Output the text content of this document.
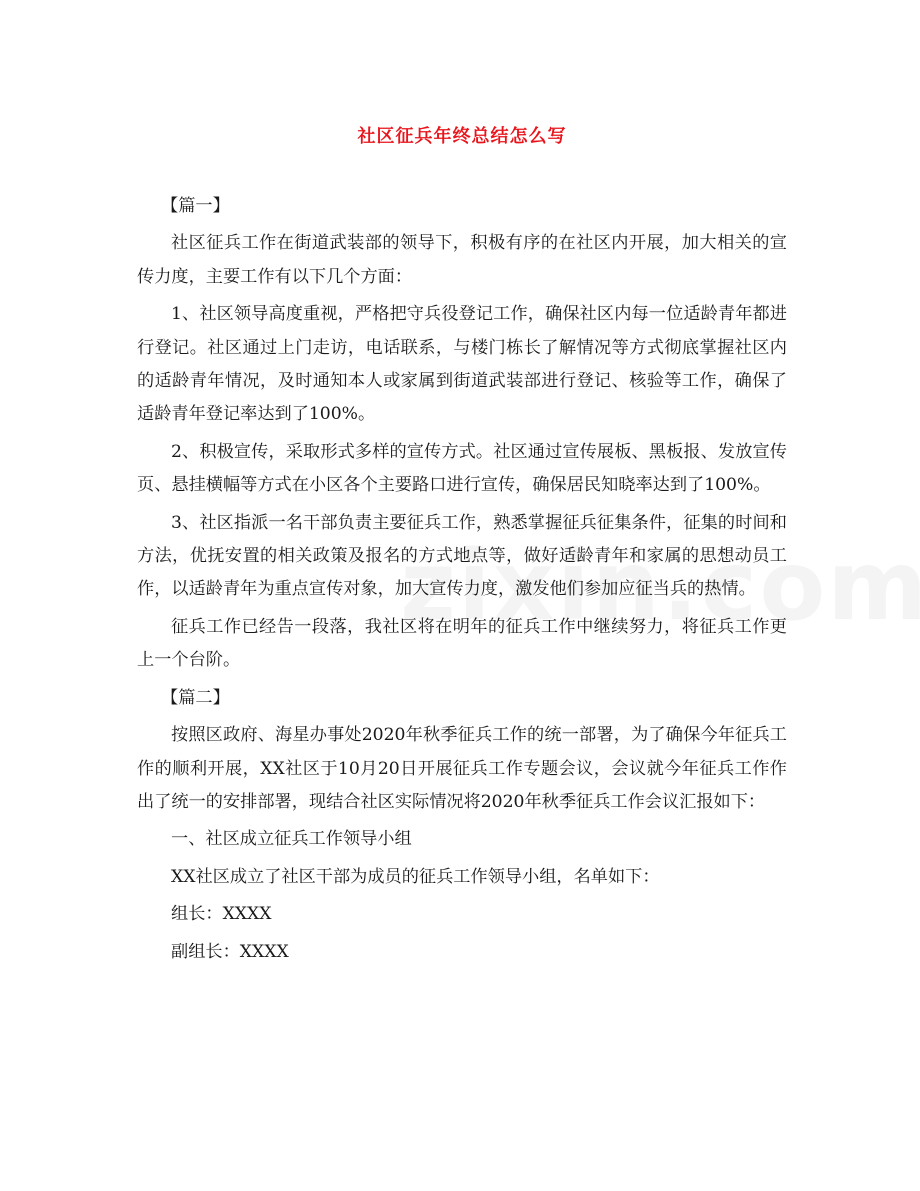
社区征兵年终总结怎么写

【篇一】

社区征兵工作在街道武装部的领导下，积极有序的在社区内开展，加大相关的宣传力度，主要工作有以下几个方面：

1、社区领导高度重视，严格把守兵役登记工作，确保社区内每一位适龄青年都进行登记。社区通过上门走访，电话联系，与楼门栋长了解情况等方式彻底掌握社区内的适龄青年情况，及时通知本人或家属到街道武装部进行登记、核验等工作，确保了适龄青年登记率达到了100%。

2、积极宣传，采取形式多样的宣传方式。社区通过宣传展板、黑板报、发放宣传页、悬挂横幅等方式在小区各个主要路口进行宣传，确保居民知晓率达到了100%。

3、社区指派一名干部负责主要征兵工作，熟悉掌握征兵征集条件，征集的时间和方法，优抚安置的相关政策及报名的方式地点等，做好适龄青年和家属的思想动员工作，以适龄青年为重点宣传对象，加大宣传力度，激发他们参加应征当兵的热情。

征兵工作已经告一段落，我社区将在明年的征兵工作中继续努力，将征兵工作更上一个台阶。

【篇二】

按照区政府、海星办事处2020年秋季征兵工作的统一部署，为了确保今年征兵工作的顺利开展，XX社区于10月20日开展征兵工作专题会议，会议就今年征兵工作作出了统一的安排部署，现结合社区实际情况将2020年秋季征兵工作会议汇报如下：

一、社区成立征兵工作领导小组

XX社区成立了社区干部为成员的征兵工作领导小组，名单如下：

组长：XXXX

副组长：XXXX
